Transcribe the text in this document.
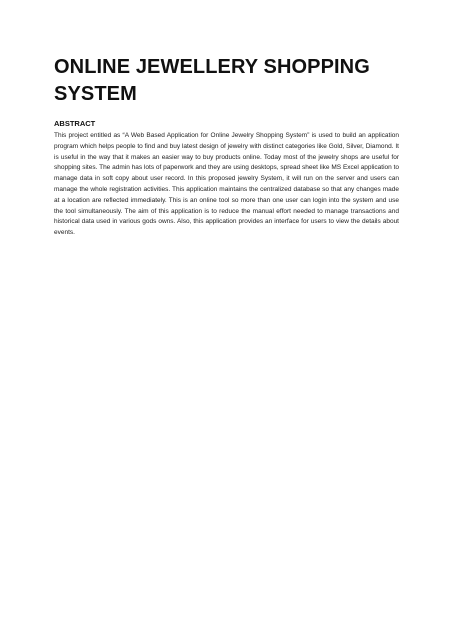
ONLINE JEWELLERY SHOPPING SYSTEM
ABSTRACT

This project entitled as “A Web Based Application for Online Jewelry Shopping System” is used to build an application program which helps people to find and buy latest design of jewelry with distinct categories like Gold, Silver, Diamond. It is useful in the way that it makes an easier way to buy products online. Today most of the jewelry shops are useful for shopping sites. The admin has lots of paperwork and they are using desktops, spread sheet like MS Excel application to manage data in soft copy about user record. In this proposed jewelry System, it will run on the server and users can manage the whole registration activities. This application maintains the centralized database so that any changes made at a location are reflected immediately. This is an online tool so more than one user can login into the system and use the tool simultaneously. The aim of this application is to reduce the manual effort needed to manage transactions and historical data used in various gods owns. Also, this application provides an interface for users to view the details about events.
